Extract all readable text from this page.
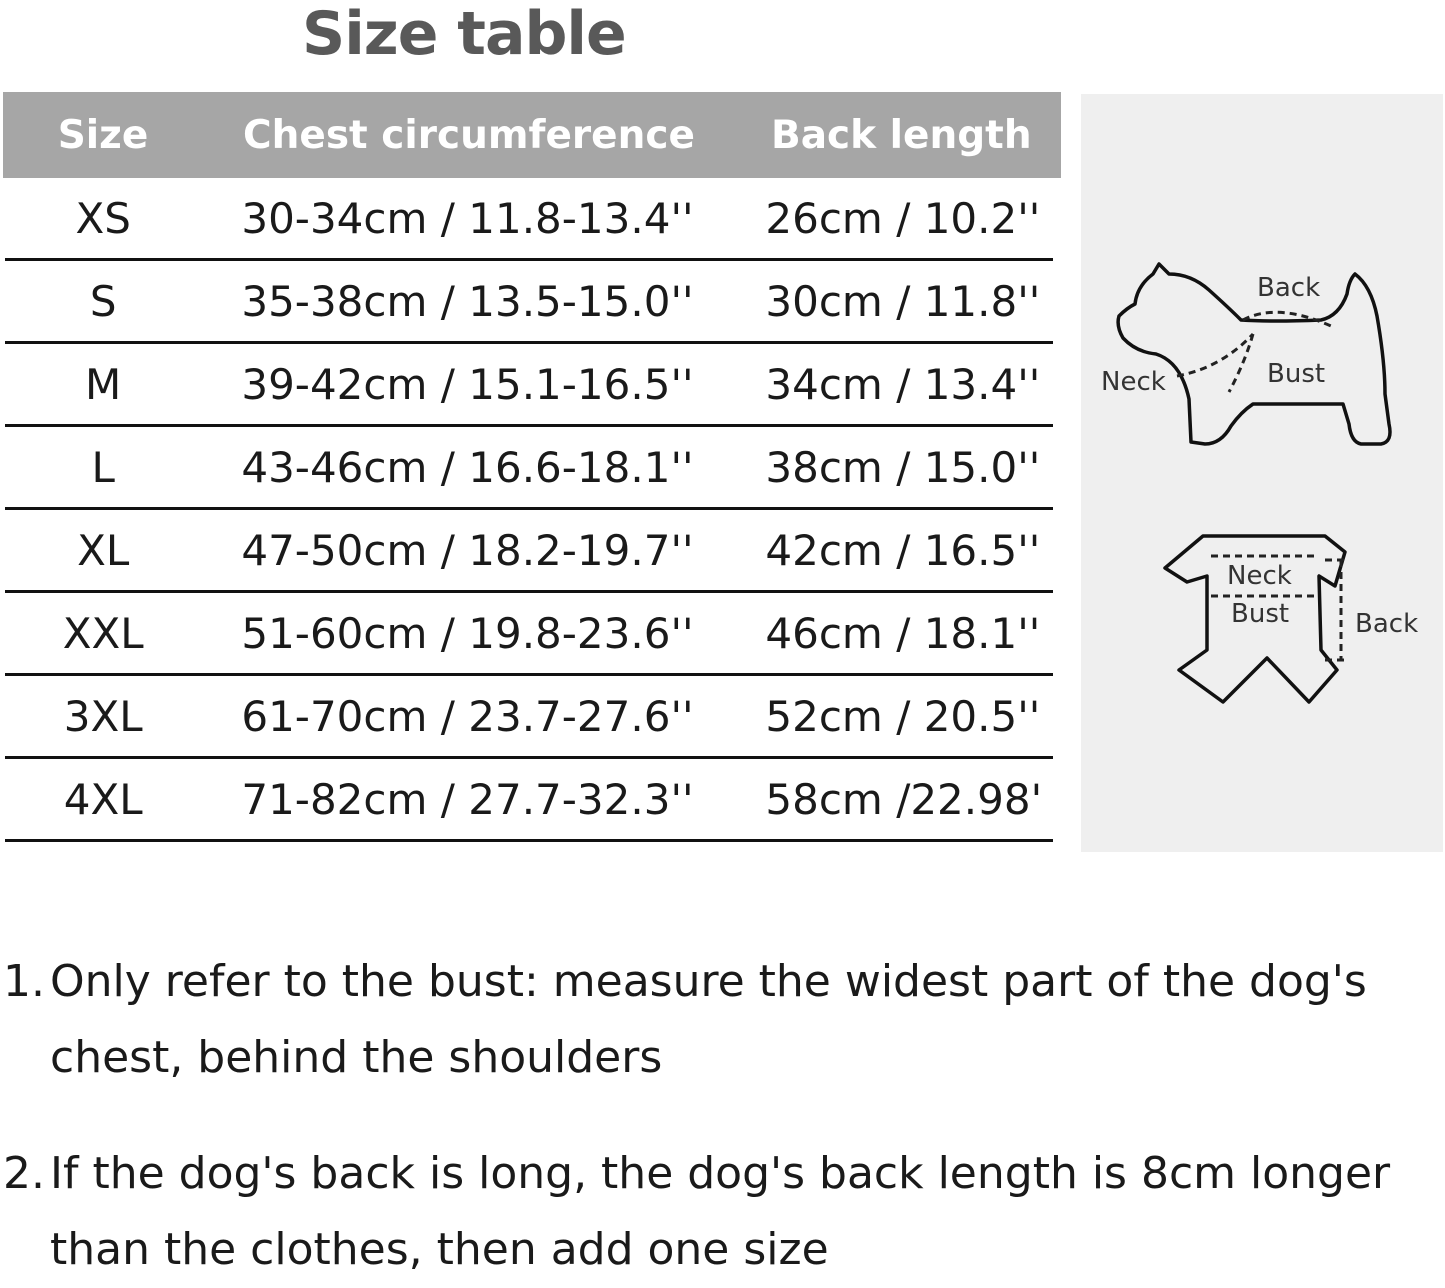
Size table
Size	Chest circumference	Back length
XS	30-34cm / 11.8-13.4''	26cm / 10.2''
S	35-38cm / 13.5-15.0''	30cm / 11.8''
M	39-42cm / 15.1-16.5''	34cm / 13.4''
L	43-46cm / 16.6-18.1''	38cm / 15.0''
XL	47-50cm / 18.2-19.7''	42cm / 16.5''
XXL	51-60cm / 19.8-23.6''	46cm / 18.1''
3XL	61-70cm / 23.7-27.6''	52cm / 20.5''
4XL	71-82cm / 27.7-32.3''	58cm /22.98'
Back
Bust
Neck
Neck
Bust	Back
1. Only refer to the bust: measure the widest part of the dog's
chest, behind the shoulders
2. If the dog's back is long, the dog's back length is 8cm longer
than the clothes, then add one size
